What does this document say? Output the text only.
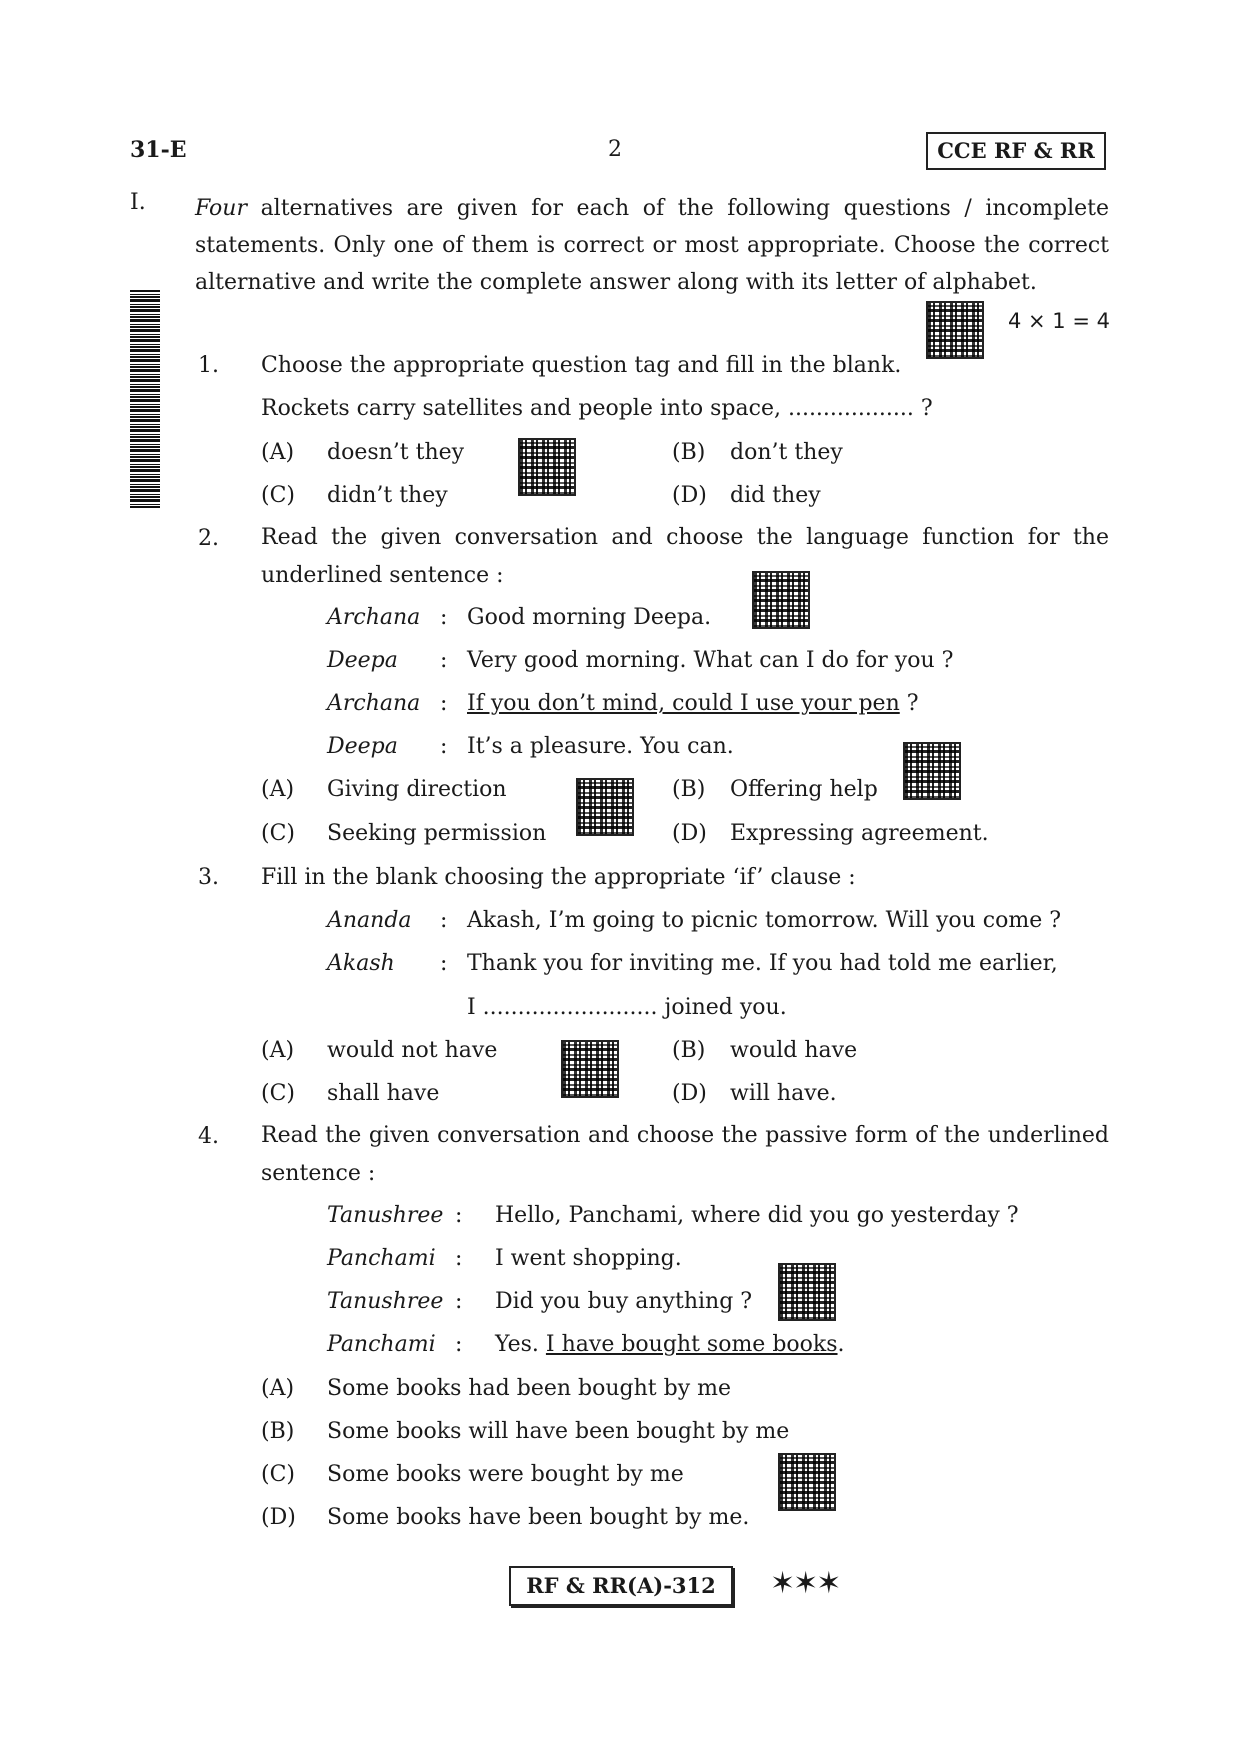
31-E	2	CCE RF & RR
I. Four alternatives are given for each of the following questions / incomplete statements. Only one of them is correct or most appropriate. Choose the correct alternative and write the complete answer along with its letter of alphabet.
4 × 1 = 4
1. Choose the appropriate question tag and fill in the blank.
Rockets carry satellites and people into space, .................. ?
(A) doesn’t they	(B) don’t they
(C) didn’t they	(D) did they
2. Read the given conversation and choose the language function for the underlined sentence :
Archana : Good morning Deepa.
Deepa : Very good morning. What can I do for you ?
Archana : If you don’t mind, could I use your pen ?
Deepa : It’s a pleasure. You can.
(A) Giving direction	(B) Offering help
(C) Seeking permission	(D) Expressing agreement.
3. Fill in the blank choosing the appropriate ‘if’ clause :
Ananda : Akash, I’m going to picnic tomorrow. Will you come ?
Akash : Thank you for inviting me. If you had told me earlier,
I ......................... joined you.
(A) would not have	(B) would have
(C) shall have	(D) will have.
4. Read the given conversation and choose the passive form of the underlined sentence :
Tanushree : Hello, Panchami, where did you go yesterday ?
Panchami : I went shopping.
Tanushree : Did you buy anything ?
Panchami : Yes. I have bought some books.
(A) Some books had been bought by me
(B) Some books will have been bought by me
(C) Some books were bought by me
(D) Some books have been bought by me.
RF & RR(A)-312	✶✶✶
